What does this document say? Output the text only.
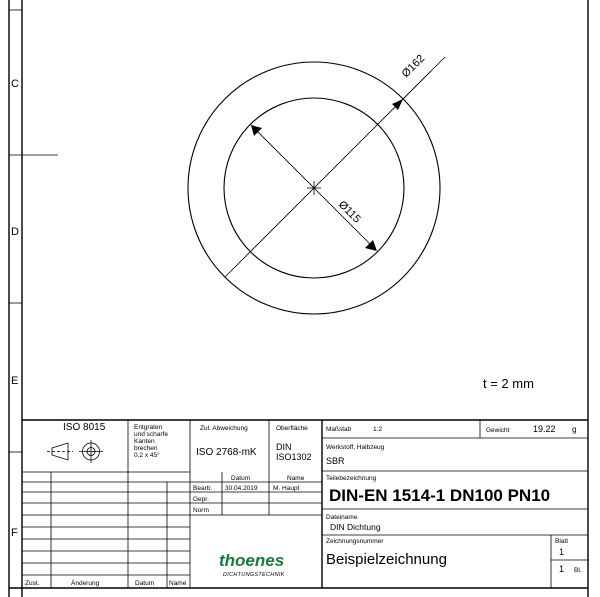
C
D
E
F
Ø162
Ø115
t = 2 mm
ISO 8015	Entgraten
und scharfe
Kanten
brechen
0,2 x 45°
Zul. Abweichung
ISO 2768-mK
Oberfläche
DIN
ISO1302
Datum	Name
Bearb. 30.04.2019 M. Haupt
Gepr.
Norm
thoenes
DICHTUNGSTECHNIK
Zust.	Änderung	Datum Name
Maßstab	1:2	Gewicht	19.22 g
Werkstoff, Halbzeug
SBR
Teilebezeichnung
DIN-EN 1514-1 DN100 PN10
Dateiname
DIN Dichtung
Zeichnungsnummer
Beispielzeichnung
Blatt
1
1 Bl.
